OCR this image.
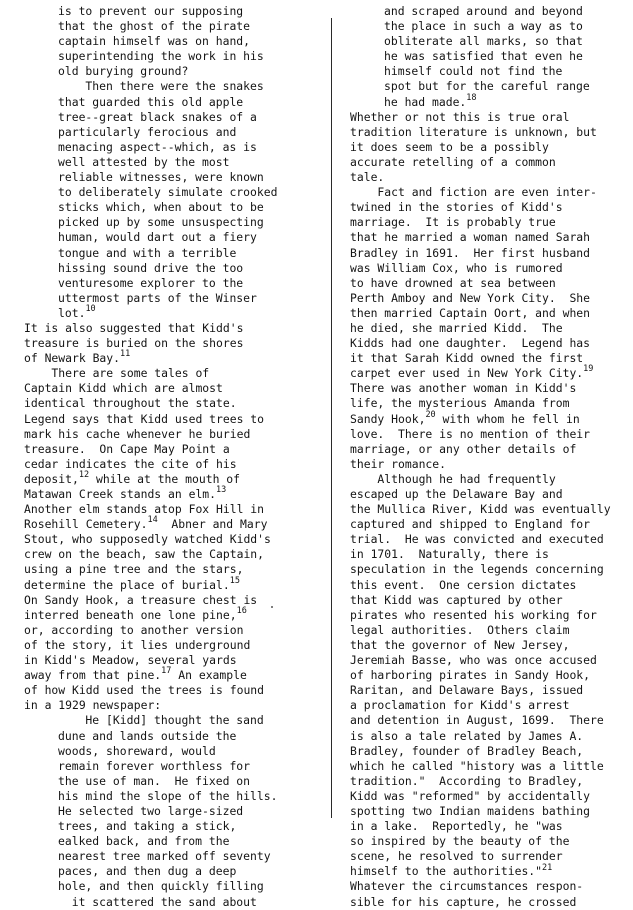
is to prevent our supposing
that the ghost of the pirate
captain himself was on hand,
superintending the work in his
old burying ground?
Then there were the snakes
that guarded this old apple
tree--great black snakes of a
particularly ferocious and
menacing aspect--which, as is
well attested by the most
reliable witnesses, were known
to deliberately simulate crooked
sticks which, when about to be
picked up by some unsuspecting
human, would dart out a fiery
tongue and with a terrible
hissing sound drive the too
venturesome explorer to the
uttermost parts of the Winser
lot.$^{10}$
It is also suggested that Kidd's
treasure is buried on the shores
of Newark Bay.$^{11}$
There are some tales of
Captain Kidd which are almost
identical throughout the state.
Legend says that Kidd used trees to
mark his cache whenever he buried
treasure.  On Cape May Point a
cedar indicates the cite of his
deposit,$^{12}$ while at the mouth of
Matawan Creek stands an elm.$^{13}$
Another elm stands atop Fox Hill in
Rosehill Cemetery.$^{14}$  Abner and Mary
Stout, who supposedly watched Kidd's
crew on the beach, saw the Captain,
using a pine tree and the stars,
determine the place of burial.$^{15}$
On Sandy Hook, a treasure chest is
interred beneath one lone pine,$^{16}$
or, according to another version
of the story, it lies underground
in Kidd's Meadow, several yards
away from that pine.$^{17}$ An example
of how Kidd used the trees is found
in a 1929 newspaper:
He [Kidd] thought the sand
dune and lands outside the
woods, shoreward, would
remain forever worthless for
the use of man.  He fixed on
his mind the slope of the hills.
He selected two large-sized
trees, and taking a stick,
ealked back, and from the
nearest tree marked off seventy
paces, and then dug a deep
hole, and then quickly filling
it scattered the sand about
and scraped around and beyond
the place in such a way as to
obliterate all marks, so that
he was satisfied that even he
himself could not find the
spot but for the careful range
he had made.$^{18}$
Whether or not this is true oral
tradition literature is unknown, but
it does seem to be a possibly
accurate retelling of a common
tale.
Fact and fiction are even inter-
twined in the stories of Kidd's
marriage.  It is probably true
that he married a woman named Sarah
Bradley in 1691.  Her first husband
was William Cox, who is rumored
to have drowned at sea between
Perth Amboy and New York City.  She
then married Captain Oort, and when
he died, she married Kidd.  The
Kidds had one daughter.  Legend has
it that Sarah Kidd owned the first
carpet ever used in New York City.$^{19}$
There was another woman in Kidd's
life, the mysterious Amanda from
Sandy Hook,$^{20}$ with whom he fell in
love.  There is no mention of their
marriage, or any other details of
their romance.
Although he had frequently
escaped up the Delaware Bay and
the Mullica River, Kidd was eventually
captured and shipped to England for
trial.  He was convicted and executed
in 1701.  Naturally, there is
speculation in the legends concerning
this event.  One cersion dictates
that Kidd was captured by other
pirates who resented his working for
legal authorities.  Others claim
that the governor of New Jersey,
Jeremiah Basse, who was once accused
of harboring pirates in Sandy Hook,
Raritan, and Delaware Bays, issued
a proclamation for Kidd's arrest
and detention in August, 1699.  There
is also a tale related by James A.
Bradley, founder of Bradley Beach,
which he called "history was a little
tradition."  According to Bradley,
Kidd was "reformed" by accidentally
spotting two Indian maidens bathing
in a lake.  Reportedly, he "was
so inspired by the beauty of the
scene, he resolved to surrender
himself to the authorities."$^{21}$
Whatever the circumstances respon-
sible for his capture, he crossed
